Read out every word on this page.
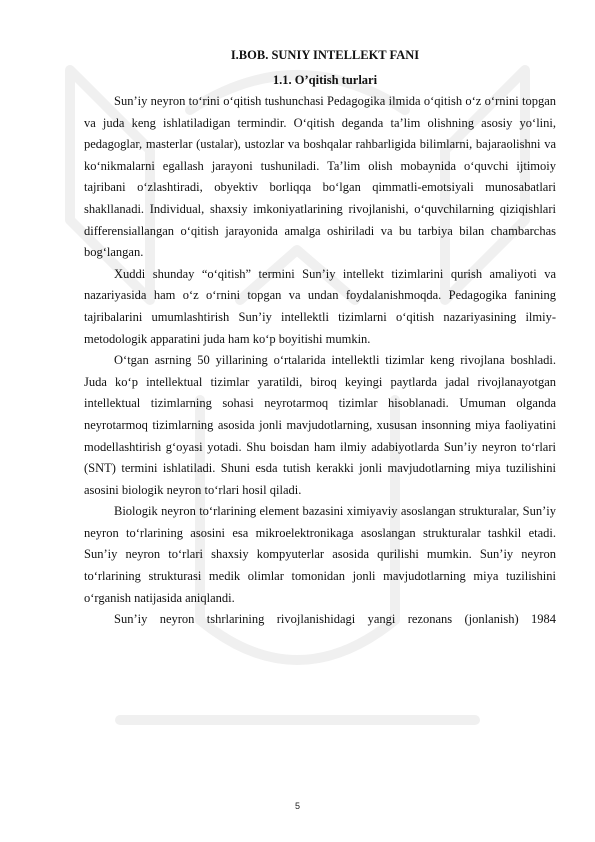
I.BOB. SUNIY INTELLEKT FANI

1.1. O’qitish turlari

Sun’iy neyron to‘rini o‘qitish tushunchasi Pedagogika ilmida o‘qitish o‘z o‘rnini topgan va juda keng ishlatiladigan termindir. O‘qitish deganda ta’lim olishning asosiy yo‘lini, pedagoglar, masterlar (ustalar), ustozlar va boshqalar rahbarligida bilimlarni, bajaraolishni va ko‘nikmalarni egallash jarayoni tushuniladi. Ta’lim olish mobaynida o‘quvchi ijtimoiy tajribani o‘zlashtiradi, obyektiv borliqqa bo‘lgan qimmatli-emotsiyali munosabatlari shakllanadi. Individual, shaxsiy imkoniyatlarining rivojlanishi, o‘quvchilarning qiziqishlari differensiallangan o‘qitish jarayonida amalga oshiriladi va bu tarbiya bilan chambarchas bog‘langan.

Xuddi shunday “o‘qitish” termini Sun’iy intellekt tizimlarini qurish amaliyoti va nazariyasida ham o‘z o‘rnini topgan va undan foydalanishmoqda. Pedagogika fanining tajribalarini umumlashtirish Sun’iy intellektli tizimlarni o‘qitish nazariyasining ilmiy-metodologik apparatini juda ham ko‘p boyitishi mumkin.

O‘tgan asrning 50 yillarining o‘rtalarida intellektli tizimlar keng rivojlana boshladi. Juda ko‘p intellektual tizimlar yaratildi, biroq keyingi paytlarda jadal rivojlanayotgan intellektual tizimlarning sohasi neyrotarmoq tizimlar hisoblanadi. Umuman olganda neyrotarmoq tizimlarning asosida jonli mavjudotlarning, xususan insonning miya faoliyatini modellashtirish g‘oyasi yotadi. Shu boisdan ham ilmiy adabiyotlarda Sun’iy neyron to‘rlari (SNT) termini ishlatiladi. Shuni esda tutish kerakki jonli mavjudotlarning miya tuzilishini asosini biologik neyron to‘rlari hosil qiladi.

Biologik neyron to‘rlarining element bazasini ximiyaviy asoslangan strukturalar, Sun’iy neyron to‘rlarining asosini esa mikroelektronikaga asoslangan strukturalar tashkil etadi. Sun’iy neyron to‘rlari shaxsiy kompyuterlar asosida qurilishi mumkin. Sun’iy neyron to‘rlarining strukturasi medik olimlar tomonidan jonli mavjudotlarning miya tuzilishini o‘rganish natijasida aniqlandi.

Sun’iy neyron tshrlarining rivojlanishidagi yangi rezonans (jonlanish) 1984

5
